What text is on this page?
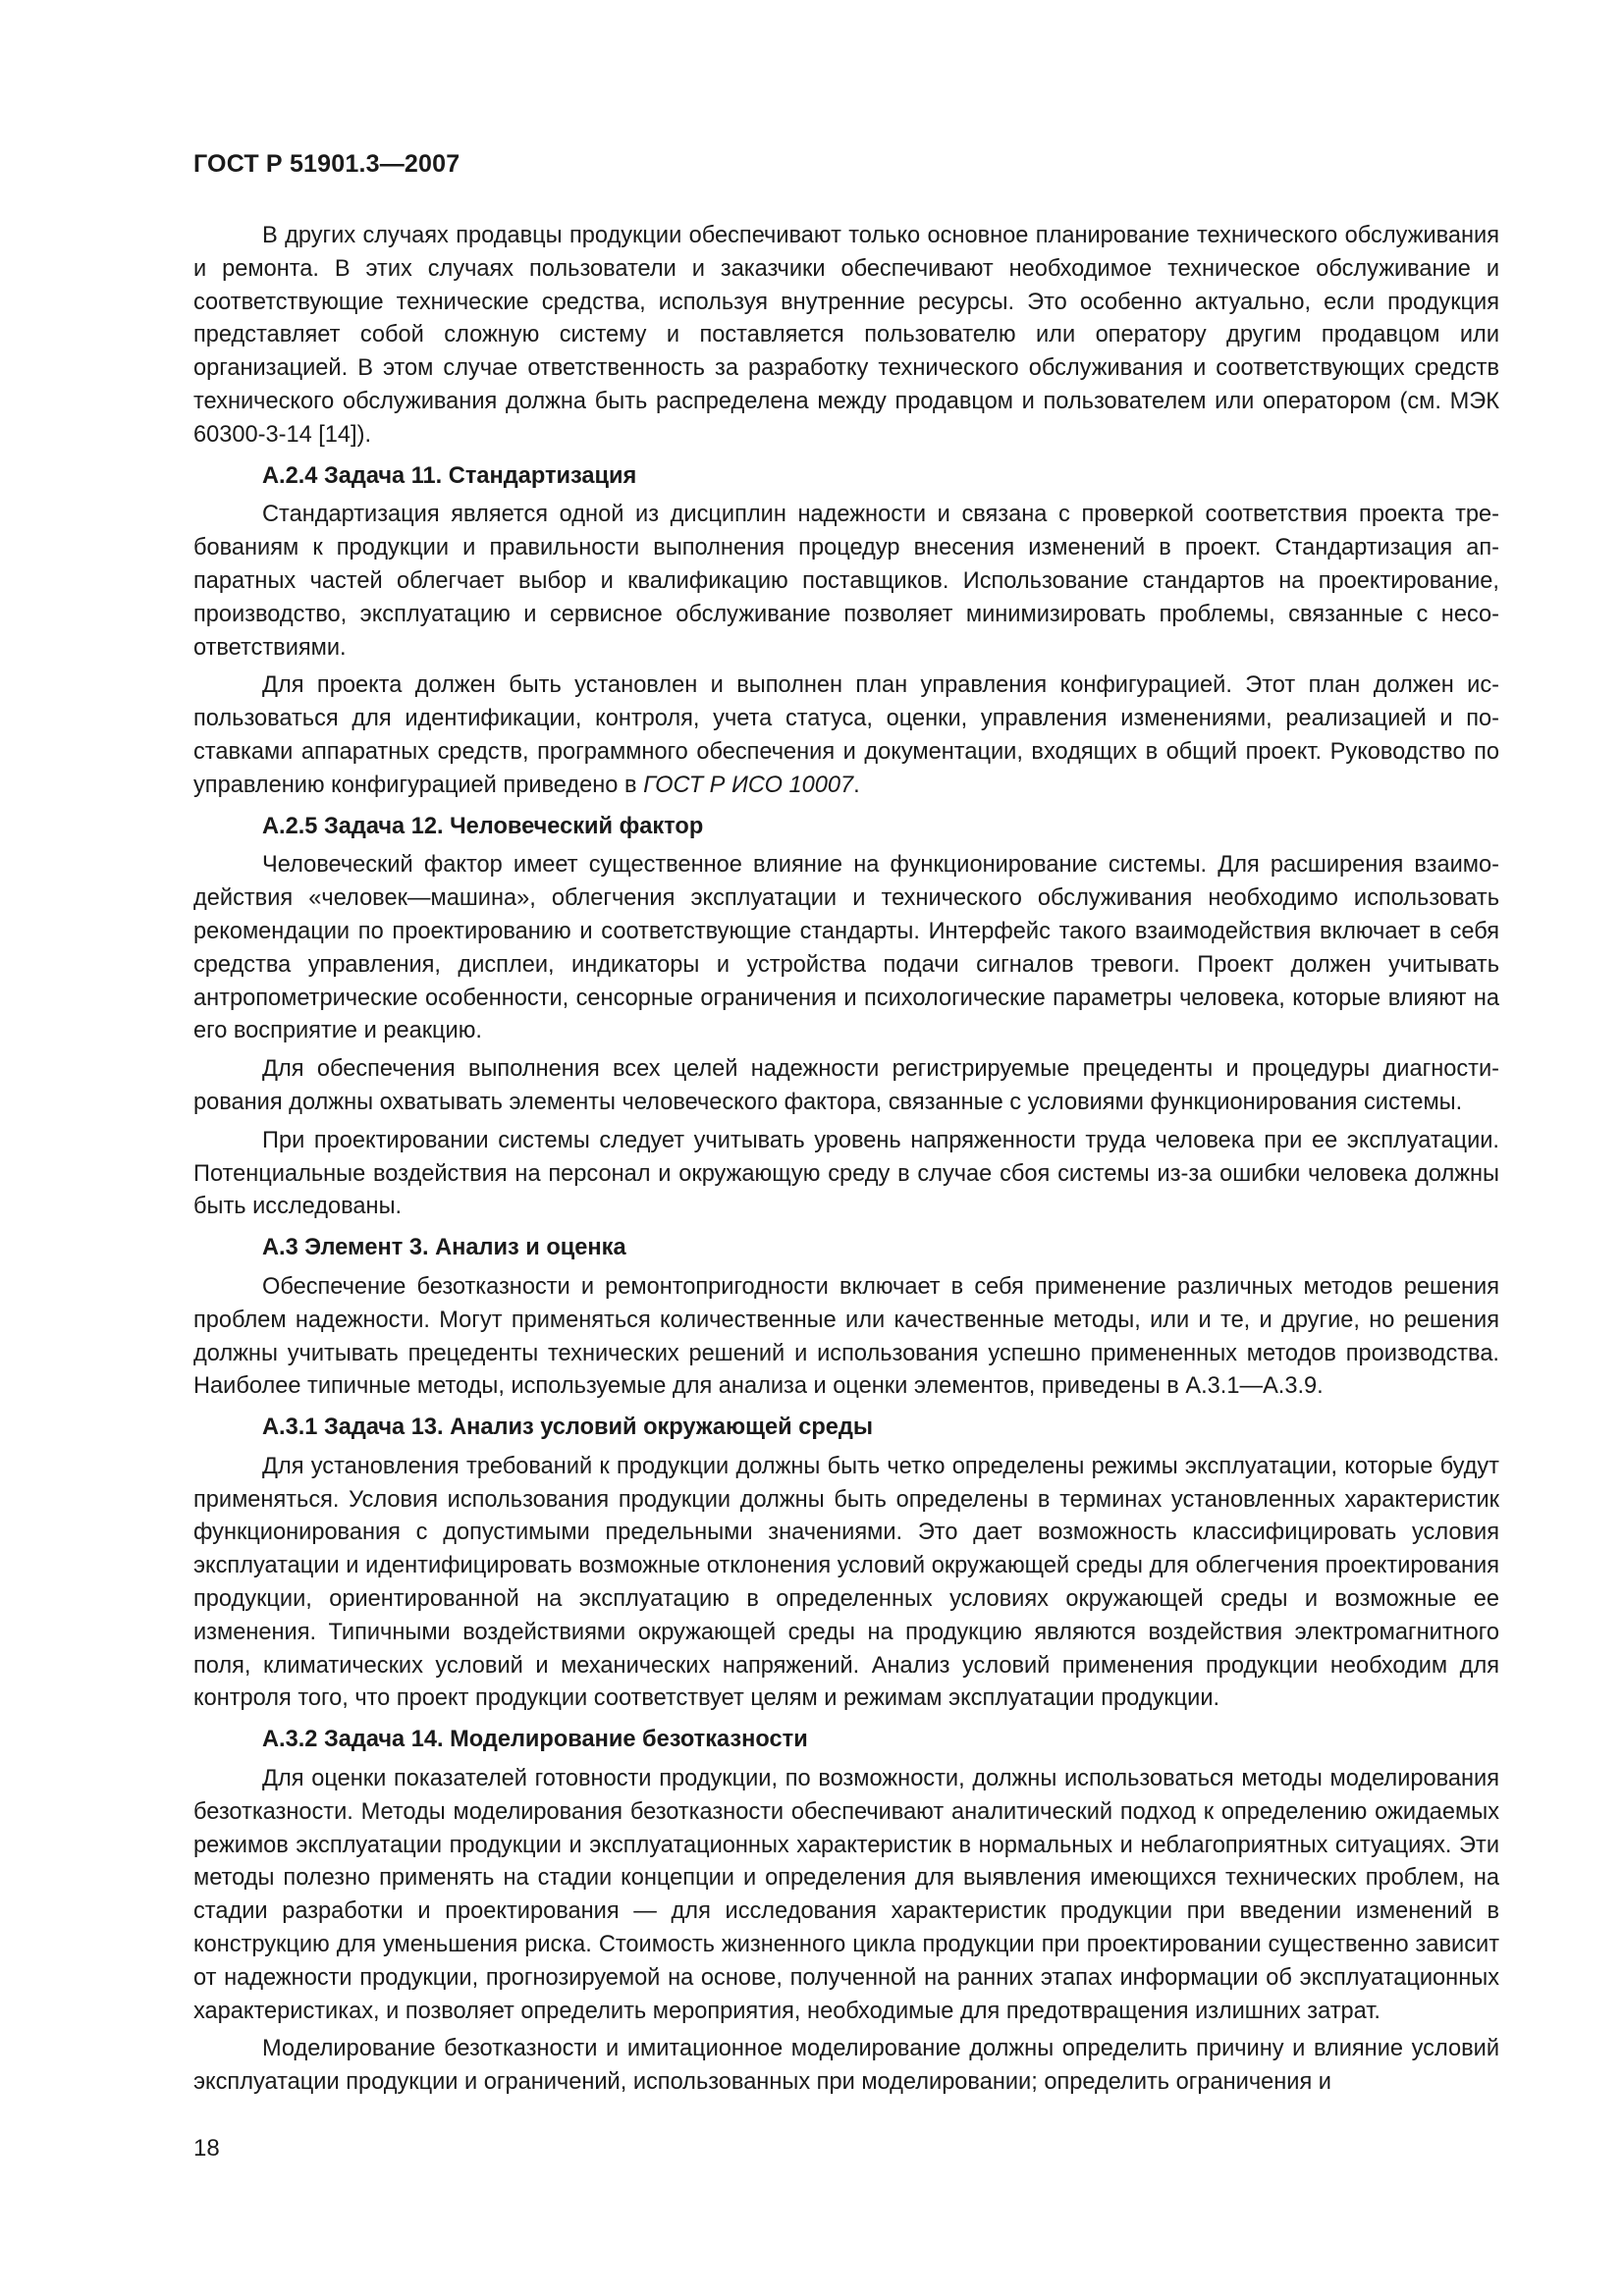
ГОСТ Р 51901.3—2007

В других случаях продавцы продукции обеспечивают только основное планирование технического обслуживания и ремонта. В этих случаях пользователи и заказчики обеспечивают необходимое техническое обслуживание и соответствующие технические средства, используя внутренние ресурсы. Это особенно актуально, если продукция представляет собой сложную систему и поставляется пользователю или оператору другим продавцом или организацией. В этом случае ответственность за разработку технического обслуживания и соответствующих средств технического обслуживания должна быть распределена между продавцом и пользователем или оператором (см. МЭК 60300-3-14 [14]).

А.2.4 Задача 11. Стандартизация

Стандартизация является одной из дисциплин надежности и связана с проверкой соответствия проекта требованиям к продукции и правильности выполнения процедур внесения изменений в проект. Стандартизация аппаратных частей облегчает выбор и квалификацию поставщиков. Использование стандартов на проектирование, производство, эксплуатацию и сервисное обслуживание позволяет минимизировать проблемы, связанные с несоответствиями.

Для проекта должен быть установлен и выполнен план управления конфигурацией. Этот план должен использоваться для идентификации, контроля, учета статуса, оценки, управления изменениями, реализацией и поставками аппаратных средств, программного обеспечения и документации, входящих в общий проект. Руководство по управлению конфигурацией приведено в ГОСТ Р ИСО 10007.

А.2.5 Задача 12. Человеческий фактор

Человеческий фактор имеет существенное влияние на функционирование системы. Для расширения взаимодействия «человек—машина», облегчения эксплуатации и технического обслуживания необходимо использовать рекомендации по проектированию и соответствующие стандарты. Интерфейс такого взаимодействия включает в себя средства управления, дисплеи, индикаторы и устройства подачи сигналов тревоги. Проект должен учитывать антропометрические особенности, сенсорные ограничения и психологические параметры человека, которые влияют на его восприятие и реакцию.

Для обеспечения выполнения всех целей надежности регистрируемые прецеденты и процедуры диагностирования должны охватывать элементы человеческого фактора, связанные с условиями функционирования системы.

При проектировании системы следует учитывать уровень напряженности труда человека при ее эксплуатации. Потенциальные воздействия на персонал и окружающую среду в случае сбоя системы из-за ошибки человека должны быть исследованы.

А.3 Элемент 3. Анализ и оценка

Обеспечение безотказности и ремонтопригодности включает в себя применение различных методов решения проблем надежности. Могут применяться количественные или качественные методы, или и те, и другие, но решения должны учитывать прецеденты технических решений и использования успешно примененных методов производства. Наиболее типичные методы, используемые для анализа и оценки элементов, приведены в А.3.1—А.3.9.

А.3.1 Задача 13. Анализ условий окружающей среды

Для установления требований к продукции должны быть четко определены режимы эксплуатации, которые будут применяться. Условия использования продукции должны быть определены в терминах установленных характеристик функционирования с допустимыми предельными значениями. Это дает возможность классифицировать условия эксплуатации и идентифицировать возможные отклонения условий окружающей среды для облегчения проектирования продукции, ориентированной на эксплуатацию в определенных условиях окружающей среды и возможные ее изменения. Типичными воздействиями окружающей среды на продукцию являются воздействия электромагнитного поля, климатических условий и механических напряжений. Анализ условий применения продукции необходим для контроля того, что проект продукции соответствует целям и режимам эксплуатации продукции.

А.3.2 Задача 14. Моделирование безотказности

Для оценки показателей готовности продукции, по возможности, должны использоваться методы моделирования безотказности. Методы моделирования безотказности обеспечивают аналитический подход к определению ожидаемых режимов эксплуатации продукции и эксплуатационных характеристик в нормальных и неблагоприятных ситуациях. Эти методы полезно применять на стадии концепции и определения для выявления имеющихся технических проблем, на стадии разработки и проектирования — для исследования характеристик продукции при введении изменений в конструкцию для уменьшения риска. Стоимость жизненного цикла продукции при проектировании существенно зависит от надежности продукции, прогнозируемой на основе, полученной на ранних этапах информации об эксплуатационных характеристиках, и позволяет определить мероприятия, необходимые для предотвращения излишних затрат.

Моделирование безотказности и имитационное моделирование должны определить причину и влияние условий эксплуатации продукции и ограничений, использованных при моделировании; определить ограничения и

18
